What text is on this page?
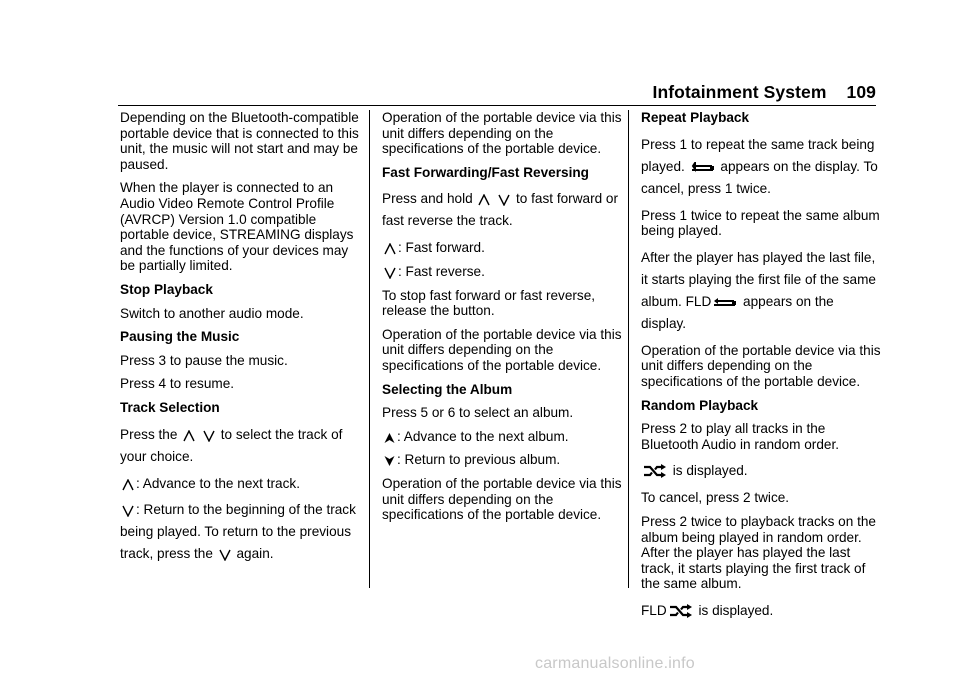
Infotainment System 109

Depending on the Bluetooth-compatible portable device that is connected to this unit, the music will not start and may be paused.

When the player is connected to an Audio Video Remote Control Profile (AVRCP) Version 1.0 compatible portable device, STREAMING displays and the functions of your devices may be partially limited.

Stop Playback

Switch to another audio mode.

Pausing the Music

Press 3 to pause the music.

Press 4 to resume.

Track Selection

Press the
	to select the track of your choice.

: Advance to the next track.

: Return to the beginning of the track being played. To return to the previous track, press the again.

Operation of the portable device via this unit differs depending on the specifications of the portable device.

Fast Forwarding/Fast Reversing

Press and hold
	to fast forward or fast reverse the track.

: Fast forward.

: Fast reverse.

To stop fast forward or fast reverse, release the button.

Operation of the portable device via this unit differs depending on the specifications of the portable device.

Selecting the Album

Press 5 or 6 to select an album.

: Advance to the next album.

: Return to previous album.

Operation of the portable device via this unit differs depending on the specifications of the portable device.

Repeat Playback

Press 1 to repeat the same track being played.	appears on the display. To cancel, press 1 twice.

Press 1 twice to repeat the same album being played.

After the player has played the last file, it starts playing the first file of the same album. FLD appears on the display.

Operation of the portable device via this unit differs depending on the specifications of the portable device.

Random Playback

Press 2 to play all tracks in the Bluetooth Audio in random order.

is displayed.

To cancel, press 2 twice.

Press 2 twice to playback tracks on the album being played in random order. After the player has played the last track, it starts playing the first track of the same album.

FLD is displayed.

carmanualsonline.info
